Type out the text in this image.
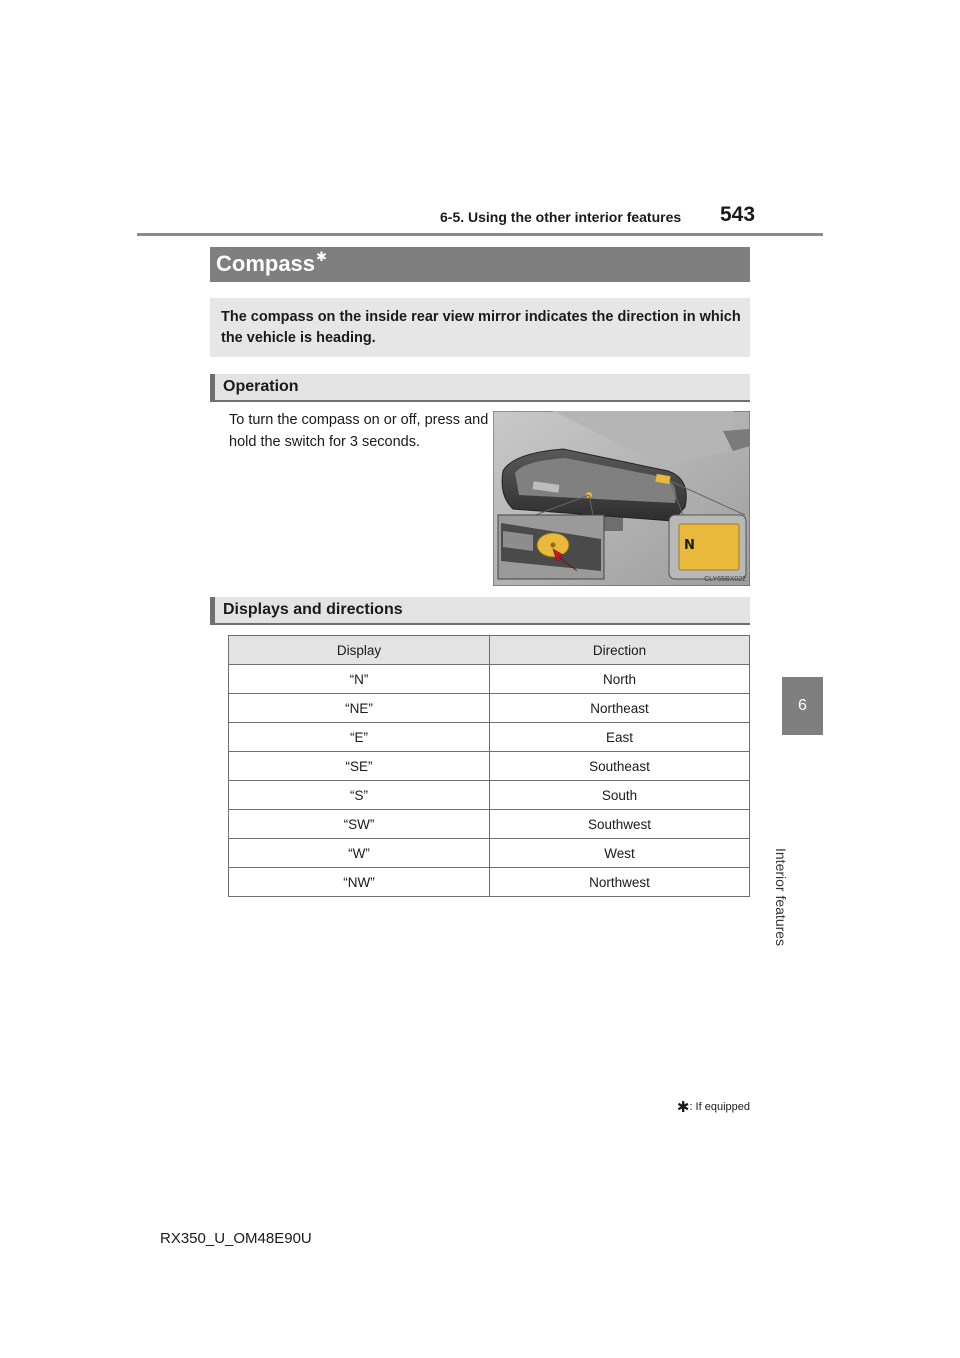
6-5. Using the other interior features 543
6
Interior features
Compass✱
The compass on the inside rear view mirror indicates the direction in which the vehicle is heading.
Operation
To turn the compass on or off, press and hold the switch for 3 seconds.
N
CLY65BX022
Displays and directions
Display	Direction
“N”	North
“NE”	Northeast
“E”	East
“SE”	Southeast
“S”	South
“SW”	Southwest
“W”	West
“NW”	Northwest
✱: If equipped
RX350_U_OM48E90U
